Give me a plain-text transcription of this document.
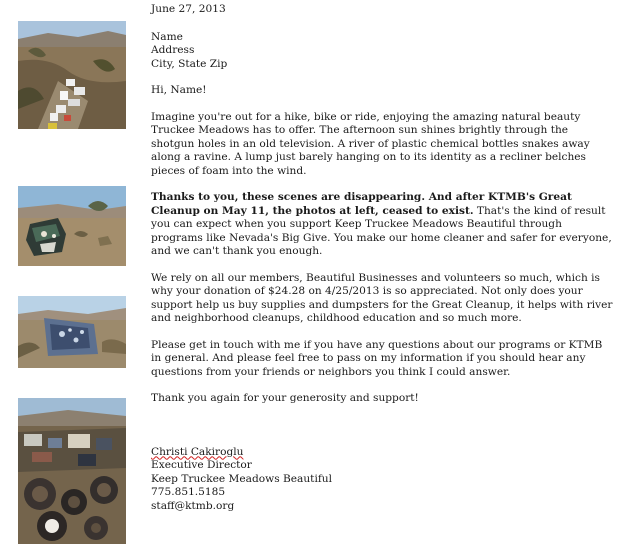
June 27, 2013

Name

Address

City, State Zip

Hi, Name!

Imagine you're out for a hike, bike or ride, enjoying the amazing natural beauty Truckee Meadows has to offer. The afternoon sun shines brightly through the shotgun holes in an old television. A river of plastic chemical bottles snakes away along a ravine. A lump just barely hanging on to its identity as a recliner belches pieces of foam into the wind.

Thanks to you, these scenes are disappearing. And after KTMB's Great Cleanup on May 11, the photos at left, ceased to exist. That's the kind of result you can expect when you support Keep Truckee Meadows Beautiful through programs like Nevada's Big Give. You make our home cleaner and safer for everyone, and we can't thank you enough.

We rely on all our members, Beautiful Businesses and volunteers so much, which is why your donation of $24.28 on 4/25/2013 is so appreciated. Not only does your support help us buy supplies and dumpsters for the Great Cleanup, it helps with river and neighborhood cleanups, childhood education and so much more.

Please get in touch with me if you have any questions about our programs or KTMB in general. And please feel free to pass on my information if you should hear any questions from your friends or neighbors you think I could answer.

Thank you again for your generosity and support!

Christi Cakiroglu

Executive Director

Keep Truckee Meadows Beautiful

775.851.5185

staff@ktmb.org
